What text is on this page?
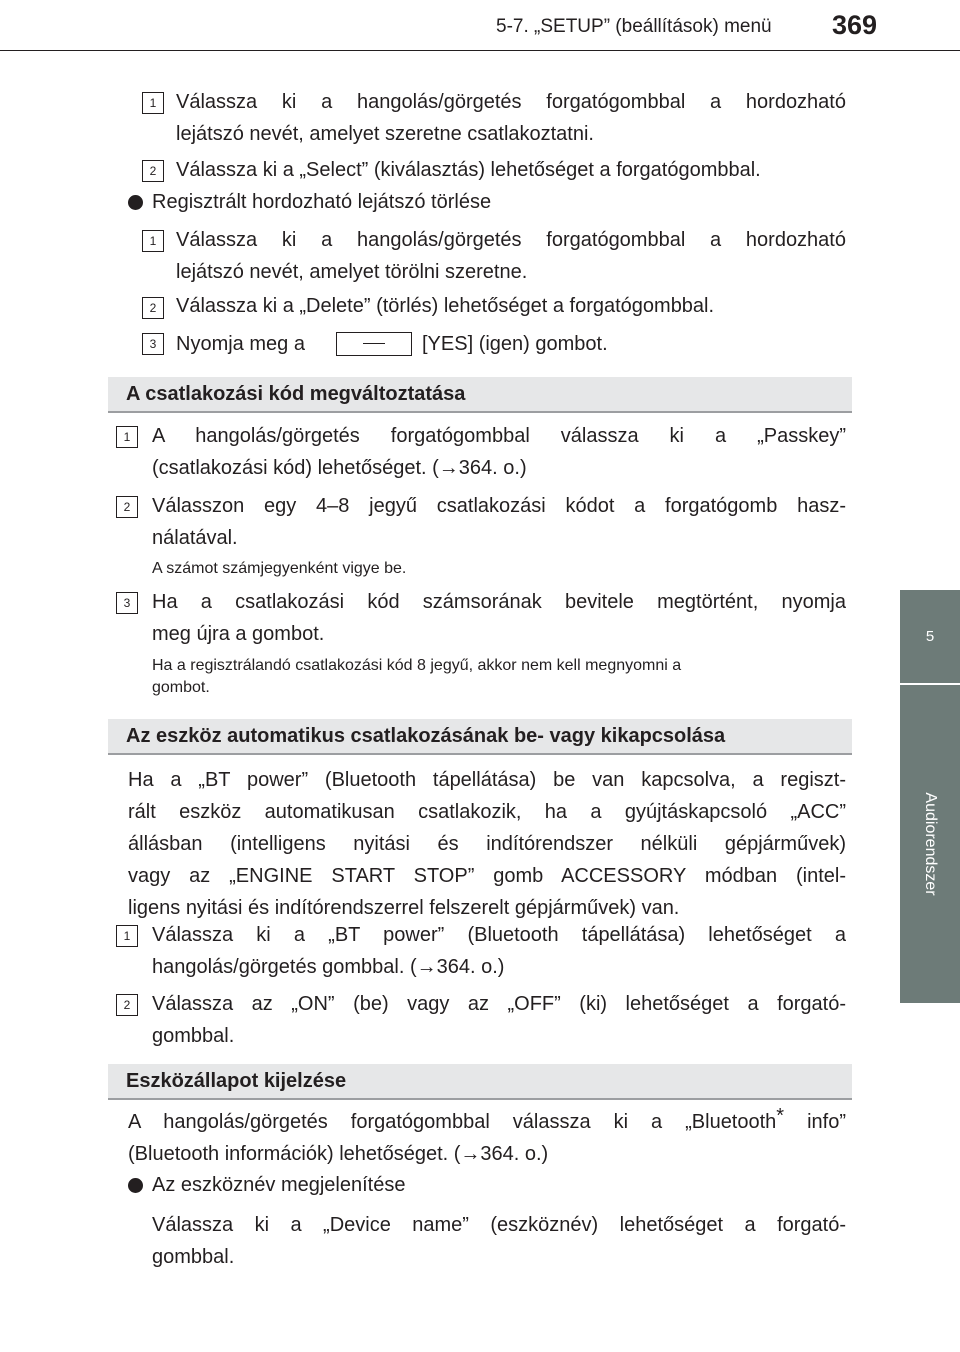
5-7. „SETUP” (beállítások) menü 369
5
Audiorendszer
1 Válassza ki a hangolás/görgetés forgatógombbal a hordozható
lejátszó nevét, amelyet szeretne csatlakoztatni.
2 Válassza ki a „Select” (kiválasztás) lehetőséget a forgatógombbal.
Regisztrált hordozható lejátszó törlése
1 Válassza ki a hangolás/görgetés forgatógombbal a hordozható
lejátszó nevét, amelyet törölni szeretne.
2 Válassza ki a „Delete” (törlés) lehetőséget a forgatógombbal.
3 Nyomja meg a	[YES] (igen) gombot.
A csatlakozási kód megváltoztatása
1	A hangolás/görgetés forgatógombbal válassza ki a „Passkey”
(csatlakozási kód) lehetőséget. (→364. o.)
2	Válasszon egy 4–8 jegyű csatlakozási kódot a forgatógomb hasz-
nálatával.
A számot számjegyenként vigye be.
3	Ha a csatlakozási kód számsorának bevitele megtörtént, nyomja
meg újra a gombot.
Ha a regisztrálandó csatlakozási kód 8 jegyű, akkor nem kell megnyomni a
gombot.
Az eszköz automatikus csatlakozásának be- vagy kikapcsolása
Ha a „BT power” (Bluetooth tápellátása) be van kapcsolva, a regiszt-
rált eszköz automatikusan csatlakozik, ha a gyújtáskapcsoló „ACC”
állásban (intelligens nyitási és indítórendszer nélküli gépjárművek)
vagy az „ENGINE START STOP” gomb ACCESSORY módban (intel-
ligens nyitási és indítórendszerrel felszerelt gépjárművek) van.
1	Válassza ki a „BT power” (Bluetooth tápellátása) lehetőséget a
hangolás/görgetés gombbal. (→364. o.)
2	Válassza az „ON” (be) vagy az „OFF” (ki) lehetőséget a forgató-
gombbal.
Eszközállapot kijelzése
A hangolás/görgetés forgatógombbal válassza ki a „Bluetooth* info”
(Bluetooth információk) lehetőséget. (→364. o.)
Az eszköznév megjelenítése
Válassza ki a „Device name” (eszköznév) lehetőséget a forgató-
gombbal.
